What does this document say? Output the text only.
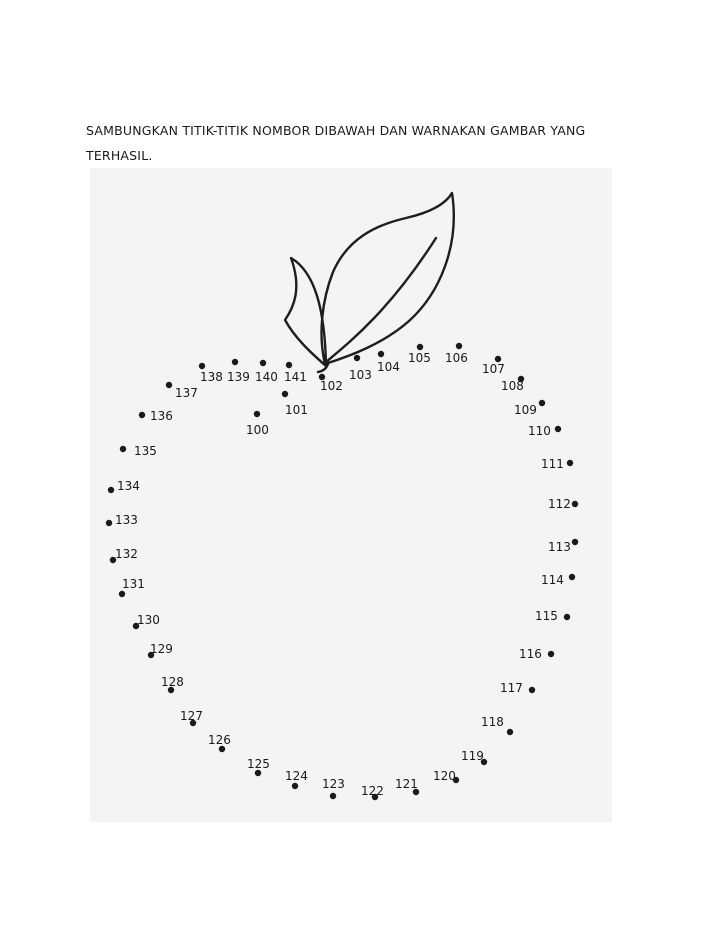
SAMBUNGKAN TITIK-TITIK NOMBOR DIBAWAH DAN WARNAKAN GAMBAR YANG
TERHASIL.
100
101
102
103
104
105 106
107
108
109
110
111
112
113
114
115
116
117
118
119
120
121
122
123
124
125
126
127
128
129
130
131
132
133
134
135
136
137
138 139 140 141
